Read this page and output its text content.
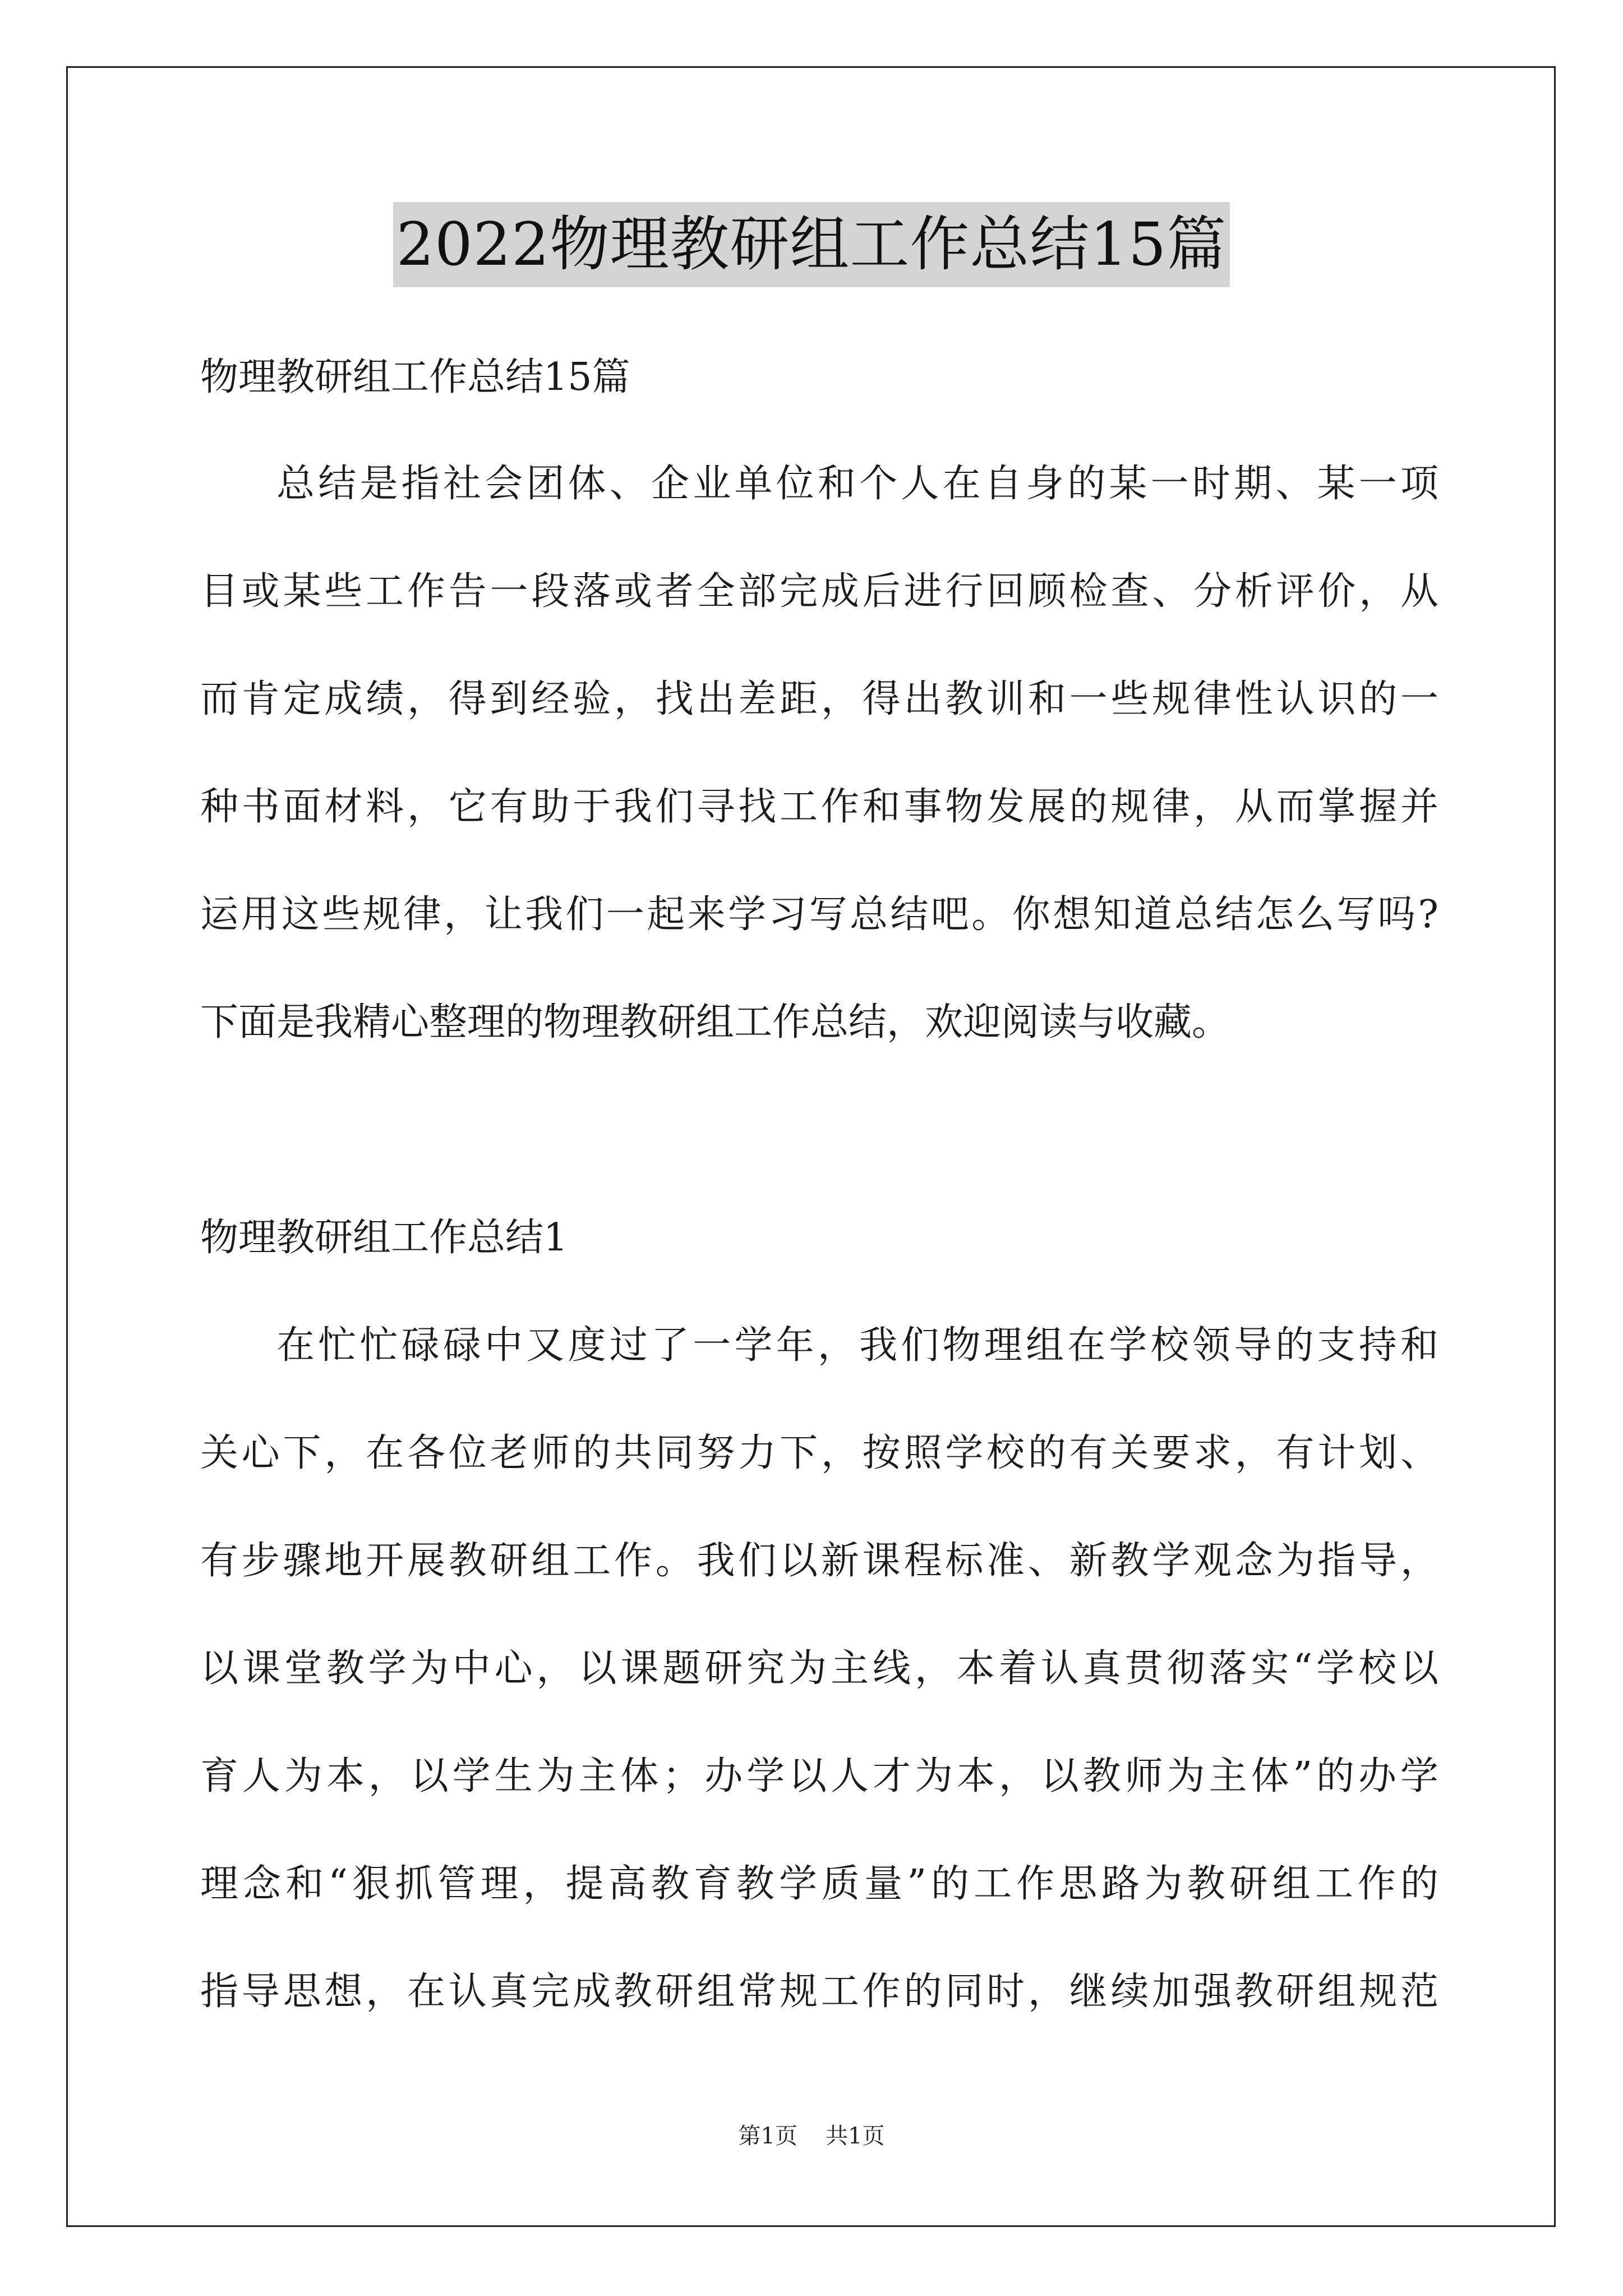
2022物理教研组工作总结15篇
物理教研组工作总结15篇
总结是指社会团体、企业单位和个人在自身的某一时期、某一项
目或某些工作告一段落或者全部完成后进行回顾检查、分析评价，从
而肯定成绩，得到经验，找出差距，得出教训和一些规律性认识的一
种书面材料，它有助于我们寻找工作和事物发展的规律，从而掌握并
运用这些规律，让我们一起来学习写总结吧。你想知道总结怎么写吗?
下面是我精心整理的物理教研组工作总结，欢迎阅读与收藏。
物理教研组工作总结1
在忙忙碌碌中又度过了一学年，我们物理组在学校领导的支持和
关心下，在各位老师的共同努力下，按照学校的有关要求，有计划、
有步骤地开展教研组工作。我们以新课程标准、新教学观念为指导，
以课堂教学为中心，以课题研究为主线，本着认真贯彻落实“学校以
育人为本，以学生为主体；办学以人才为本，以教师为主体”的办学
理念和“狠抓管理，提高教育教学质量”的工作思路为教研组工作的
指导思想，在认真完成教研组常规工作的同时，继续加强教研组规范
第1页 共1页
